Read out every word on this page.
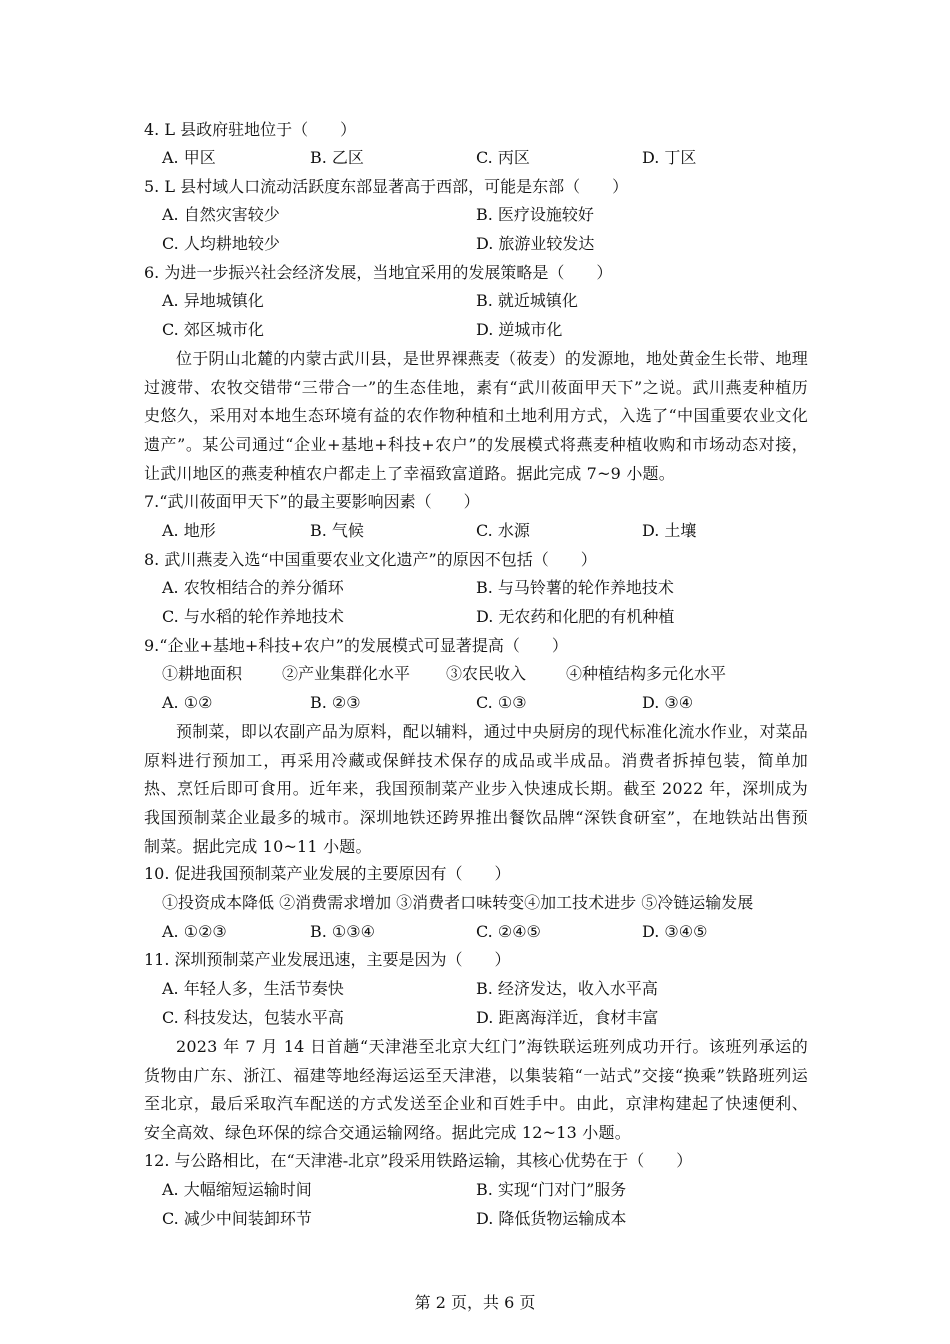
4. L 县政府驻地位于（　　）
A. 甲区	B. 乙区	C. 丙区	D. 丁区
5. L 县村域人口流动活跃度东部显著高于西部，可能是东部（　　）
A. 自然灾害较少	B. 医疗设施较好
C. 人均耕地较少	D. 旅游业较发达
6. 为进一步振兴社会经济发展，当地宜采用的发展策略是（　　）
A. 异地城镇化	B. 就近城镇化
C. 郊区城市化	D. 逆城市化
位于阴山北麓的内蒙古武川县，是世界裸燕麦（莜麦）的发源地，地处黄金生长带、地理过渡带、农牧交错带“三带合一”的生态佳地，素有“武川莜面甲天下”之说。武川燕麦种植历史悠久，采用对本地生态环境有益的农作物种植和土地利用方式，入选了“中国重要农业文化遗产”。某公司通过“企业+基地+科技+农户”的发展模式将燕麦种植收购和市场动态对接，让武川地区的燕麦种植农户都走上了幸福致富道路。据此完成 7~9 小题。
7.“武川莜面甲天下”的最主要影响因素（　　）
A. 地形	B. 气候	C. 水源	D. 土壤
8. 武川燕麦入选“中国重要农业文化遗产”的原因不包括（　　）
A. 农牧相结合的养分循环	B. 与马铃薯的轮作养地技术
C. 与水稻的轮作养地技术	D. 无农药和化肥的有机种植
9.“企业+基地+科技+农户”的发展模式可显著提高（　　）
①耕地面积 ②产业集群化水平 ③农民收入 ④种植结构多元化水平
A. ①②	B. ②③	C. ①③	D. ③④
预制菜，即以农副产品为原料，配以辅料，通过中央厨房的现代标准化流水作业，对菜品原料进行预加工，再采用冷藏或保鲜技术保存的成品或半成品。消费者拆掉包装，简单加热、烹饪后即可食用。近年来，我国预制菜产业步入快速成长期。截至 2022 年，深圳成为我国预制菜企业最多的城市。深圳地铁还跨界推出餐饮品牌“深铁食研室”，在地铁站出售预制菜。据此完成 10~11 小题。
10. 促进我国预制菜产业发展的主要原因有（　　）
①投资成本降低 ②消费需求增加 ③消费者口味转变④加工技术进步 ⑤冷链运输发展
A. ①②③	B. ①③④	C. ②④⑤	D. ③④⑤
11. 深圳预制菜产业发展迅速，主要是因为（　　）
A. 年轻人多，生活节奏快	B. 经济发达，收入水平高
C. 科技发达，包装水平高	D. 距离海洋近，食材丰富
2023 年 7 月 14 日首趟“天津港至北京大红门”海铁联运班列成功开行。该班列承运的货物由广东、浙江、福建等地经海运运至天津港，以集装箱“一站式”交接“换乘”铁路班列运至北京，最后采取汽车配送的方式发送至企业和百姓手中。由此，京津构建起了快速便利、安全高效、绿色环保的综合交通运输网络。据此完成 12~13 小题。
12. 与公路相比，在“天津港-北京”段采用铁路运输，其核心优势在于（　　）
A. 大幅缩短运输时间	B. 实现“门对门”服务
C. 减少中间装卸环节	D. 降低货物运输成本
第 2 页，共 6 页
